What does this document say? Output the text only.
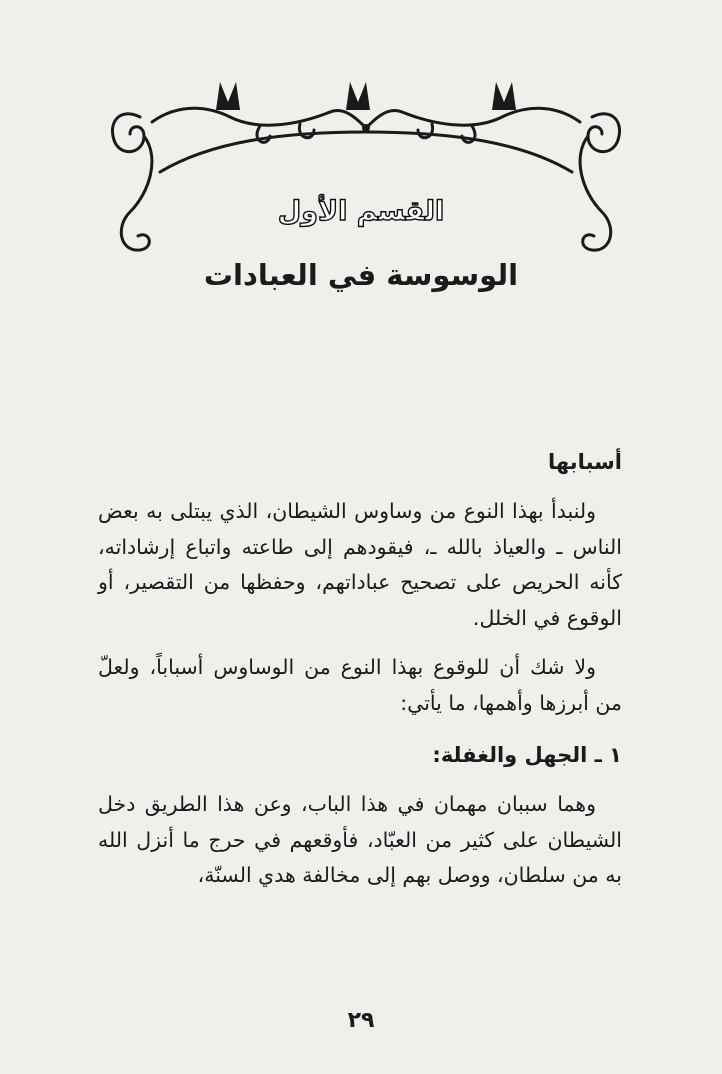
القسم الأول
الوسوسة في العبادات
أسبابها

ولنبدأ بهذا النوع من وساوس الشيطان، الذي يبتلى به بعض الناس ـ والعياذ بالله ـ، فيقودهم إلى طاعته واتباع إرشاداته، كأنه الحريص على تصحيح عباداتهم، وحفظها من التقصير، أو الوقوع في الخلل.

ولا شك أن للوقوع بهذا النوع من الوساوس أسباباً، ولعلّ من أبرزها وأهمها، ما يأتي:

١ ـ الجهل والغفلة:

وهما سببان مهمان في هذا الباب، وعن هذا الطريق دخل الشيطان على كثير من العبّاد، فأوقعهم في حرج ما أنزل الله به من سلطان، ووصل بهم إلى مخالفة هدي السنّة،

٢٩
